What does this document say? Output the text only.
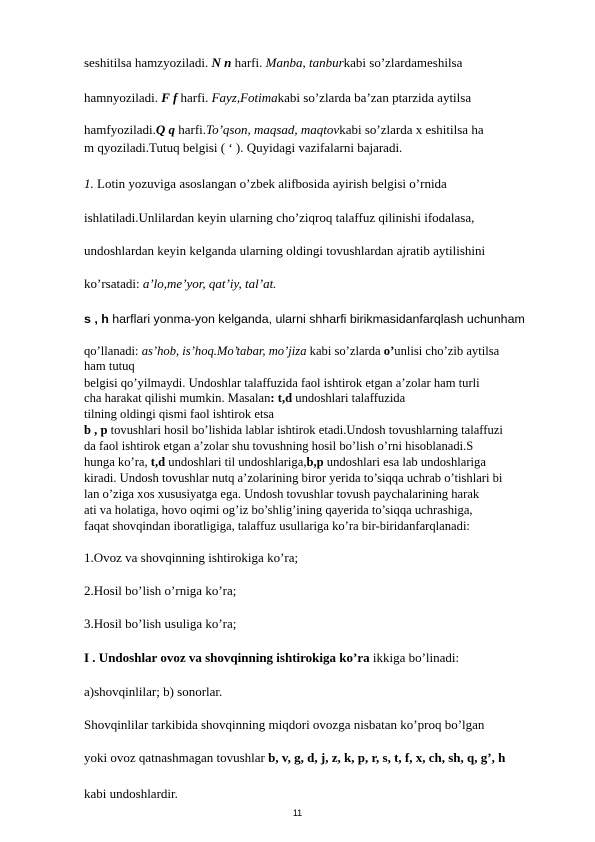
seshitilsa hamzyoziladi. N n harfi. Manba, tanburkabi so’zlardameshilsa
hamnyoziladi. F f harfi. Fayz,Fotimakabi so’zlarda ba’zan ptarzida aytilsa
hamfyoziladi.Q q harfi.To’qson, maqsad, maqtovkabi so’zlarda x eshitilsa ha
m qyoziladi.Tutuq belgisi ( ‘ ). Quyidagi vazifalarni bajaradi.
1. Lotin yozuviga asoslangan o’zbek alifbosida ayirish belgisi o’rnida
ishlatiladi.Unlilardan keyin ularning cho’ziqroq talaffuz qilinishi ifodalasa,
undoshlardan keyin kelganda ularning oldingi tovushlardan ajratib aytilishini
ko’rsatadi: a’lo,me’yor, qat’iy, tal’at.
s , h harflari yonma-yon kelganda, ularni shharfi birikmasidanfarqlash uchunham
qo’llanadi: as’hob, is’hoq.Mo’tabar, mo’jiza kabi so’zlarda o’unlisi cho’zib aytilsa
ham tutuq
belgisi qo’yilmaydi. Undoshlar talaffuzida faol ishtirok etgan a’zolar ham turli
cha harakat qilishi mumkin. Masalan: t,d undoshlari talaffuzida
tilning oldingi qismi faol ishtirok etsa
b , p tovushlari hosil bo’lishida lablar ishtirok etadi.Undosh tovushlarning talaffuzi
da faol ishtirok etgan a’zolar shu tovushning hosil bo’lish o’rni hisoblanadi.S
hunga ko’ra, t,d undoshlari til undoshlariga,b,p undoshlari esa lab undoshlariga
kiradi. Undosh tovushlar nutq a’zolarining biror yerida to’siqqa uchrab o’tishlari bi
lan o’ziga xos xususiyatga ega. Undosh tovushlar tovush paychalarining harak
ati va holatiga, hovo oqimi og’iz bo’shlig’ining qayerida to’siqqa uchrashiga,
faqat shovqindan iboratligiga, talaffuz usullariga ko’ra bir-biridanfarqlanadi:
1.Ovoz va shovqinning ishtirokiga ko’ra;
2.Hosil bo’lish o’rniga ko’ra;
3.Hosil bo’lish usuliga ko’ra;
I . Undoshlar ovoz va shovqinning ishtirokiga ko’ra ikkiga bo’linadi:
a)shovqinlilar; b) sonorlar.
Shovqinlilar tarkibida shovqinning miqdori ovozga nisbatan ko’proq bo’lgan
yoki ovoz qatnashmagan tovushlar b, v, g, d, j, z, k, p, r, s, t, f, x, ch, sh, q, g’, h
kabi undoshlardir.
11
